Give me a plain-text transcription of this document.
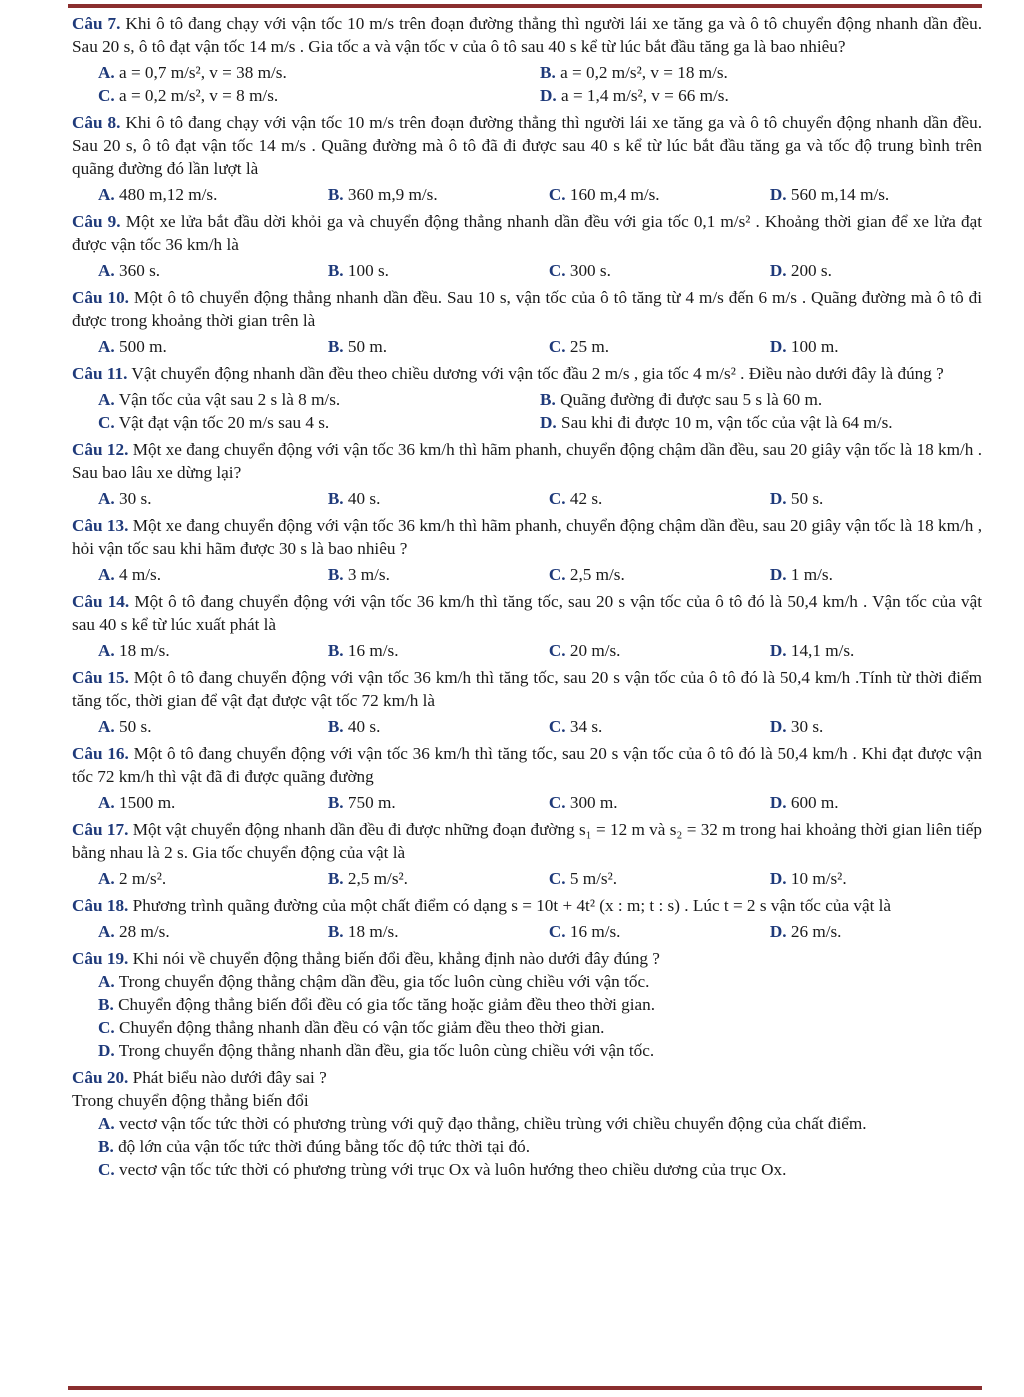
Câu 7. Khi ô tô đang chạy với vận tốc 10 m/s trên đoạn đường thẳng thì người lái xe tăng ga và ô tô chuyển động nhanh dần đều. Sau 20 s, ô tô đạt vận tốc 14 m/s . Gia tốc a và vận tốc v của ô tô sau 40 s kể từ lúc bắt đầu tăng ga là bao nhiêu?
A. a = 0,7 m/s², v = 38 m/s.	B. a = 0,2 m/s², v = 18 m/s.
C. a = 0,2 m/s², v = 8 m/s.	D. a = 1,4 m/s², v = 66 m/s.
Câu 8. Khi ô tô đang chạy với vận tốc 10 m/s trên đoạn đường thẳng thì người lái xe tăng ga và ô tô chuyển động nhanh dần đều. Sau 20 s, ô tô đạt vận tốc 14 m/s . Quãng đường mà ô tô đã đi được sau 40 s kể từ lúc bắt đầu tăng ga và tốc độ trung bình trên quãng đường đó lần lượt là
A. 480 m,12 m/s.	B. 360 m,9 m/s.	C. 160 m,4 m/s.	D. 560 m,14 m/s.
Câu 9. Một xe lửa bắt đầu dời khỏi ga và chuyển động thẳng nhanh dần đều với gia tốc 0,1 m/s² . Khoảng thời gian để xe lửa đạt được vận tốc 36 km/h là
A. 360 s.	B. 100 s.	C. 300 s.	D. 200 s.
Câu 10. Một ô tô chuyển động thẳng nhanh dần đều. Sau 10 s, vận tốc của ô tô tăng từ 4 m/s đến 6 m/s . Quãng đường mà ô tô đi được trong khoảng thời gian trên là
A. 500 m.	B. 50 m.	C. 25 m.	D. 100 m.
Câu 11. Vật chuyển động nhanh dần đều theo chiều dương với vận tốc đầu 2 m/s , gia tốc 4 m/s² . Điều nào dưới đây là đúng ?
A. Vận tốc của vật sau 2 s là 8 m/s.	B. Quãng đường đi được sau 5 s là 60 m.
C. Vật đạt vận tốc 20 m/s sau 4 s.	D. Sau khi đi được 10 m, vận tốc của vật là 64 m/s.
Câu 12. Một xe đang chuyển động với vận tốc 36 km/h thì hãm phanh, chuyển động chậm dần đều, sau 20 giây vận tốc là 18 km/h . Sau bao lâu xe dừng lại?
A. 30 s.	B. 40 s.	C. 42 s.	D. 50 s.
Câu 13. Một xe đang chuyển động với vận tốc 36 km/h thì hãm phanh, chuyển động chậm dần đều, sau 20 giây vận tốc là 18 km/h , hỏi vận tốc sau khi hãm được 30 s là bao nhiêu ?
A. 4 m/s.	B. 3 m/s.	C. 2,5 m/s.	D. 1 m/s.
Câu 14. Một ô tô đang chuyển động với vận tốc 36 km/h thì tăng tốc, sau 20 s vận tốc của ô tô đó là 50,4 km/h . Vận tốc của vật sau 40 s kể từ lúc xuất phát là
A. 18 m/s.	B. 16 m/s.	C. 20 m/s.	D. 14,1 m/s.
Câu 15. Một ô tô đang chuyển động với vận tốc 36 km/h thì tăng tốc, sau 20 s vận tốc của ô tô đó là 50,4 km/h .Tính từ thời điểm tăng tốc, thời gian để vật đạt được vật tốc 72 km/h là
A. 50 s.	B. 40 s.	C. 34 s.	D. 30 s.
Câu 16. Một ô tô đang chuyển động với vận tốc 36 km/h thì tăng tốc, sau 20 s vận tốc của ô tô đó là 50,4 km/h . Khi đạt được vận tốc 72 km/h thì vật đã đi được quãng đường
A. 1500 m.	B. 750 m.	C. 300 m.	D. 600 m.
Câu 17. Một vật chuyển động nhanh dần đều đi được những đoạn đường s₁ = 12 m và s₂ = 32 m trong hai khoảng thời gian liên tiếp bằng nhau là 2 s. Gia tốc chuyển động của vật là
A. 2 m/s².	B. 2,5 m/s².	C. 5 m/s².	D. 10 m/s².
Câu 18. Phương trình quãng đường của một chất điểm có dạng s = 10t + 4t² (x : m; t : s) . Lúc t = 2 s vận tốc của vật là
A. 28 m/s.	B. 18 m/s.	C. 16 m/s.	D. 26 m/s.
Câu 19. Khi nói về chuyển động thẳng biến đổi đều, khẳng định nào dưới đây đúng ?
A. Trong chuyển động thẳng chậm dần đều, gia tốc luôn cùng chiều với vận tốc.
B. Chuyển động thẳng biến đổi đều có gia tốc tăng hoặc giảm đều theo thời gian.
C. Chuyển động thẳng nhanh dần đều có vận tốc giảm đều theo thời gian.
D. Trong chuyển động thẳng nhanh dần đều, gia tốc luôn cùng chiều với vận tốc.
Câu 20. Phát biểu nào dưới đây sai ?
Trong chuyển động thẳng biến đổi
A. vectơ vận tốc tức thời có phương trùng với quỹ đạo thẳng, chiều trùng với chiều chuyển động của chất điểm.
B. độ lớn của vận tốc tức thời đúng bằng tốc độ tức thời tại đó.
C. vectơ vận tốc tức thời có phương trùng với trục Ox và luôn hướng theo chiều dương của trục Ox.
